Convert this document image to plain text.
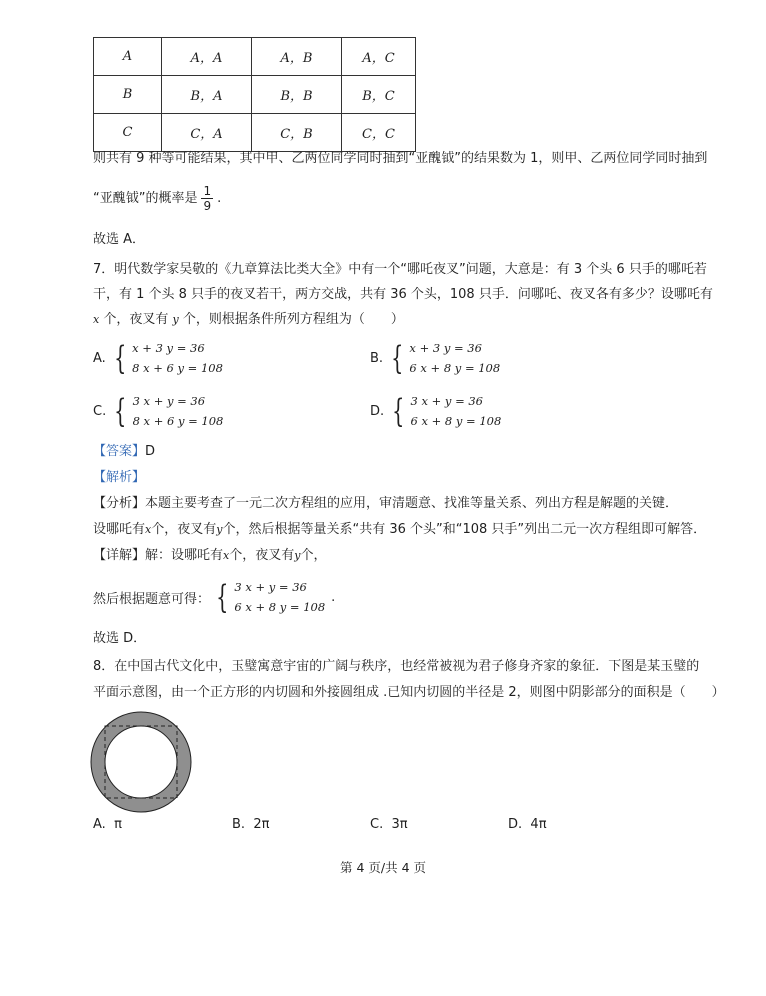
A	A，A	A，B	A，C
B	B，A	B，B	B，C
C	C，A	C，B	C，C
则共有 9 种等可能结果，其中甲、乙两位同学同时抽到“亚醜钺”的结果数为 1，则甲、乙两位同学同时抽到
“亚醜钺”的概率是 $\frac{1}{9}$ .
故选 A．
7．明代数学家吴敬的《九章算法比类大全》中有一个“哪吒夜叉”问题，大意是：有 3 个头 6 只手的哪吒若
干，有 1 个头 8 只手的夜叉若干，两方交战，共有 36 个头，108 只手．问哪吒、夜叉各有多少？设哪吒有
x 个，夜叉有 y 个，则根据条件所列方程组为（　　）
A. { x + 3 y = 36
8 x + 6 y = 108
B. { x + 3 y = 36
6 x + 8 y = 108
C. { 3 x + y = 36
8 x + 6 y = 108
D. { 3 x + y = 36
6 x + 8 y = 108
【答案】D
【解析】
【分析】本题主要考查了一元二次方程组的应用，审清题意、找准等量关系、列出方程是解题的关键．
设哪吒有x个，夜叉有y个，然后根据等量关系“共有 36 个头”和“108 只手”列出二元一次方程组即可解答．
【详解】解：设哪吒有x个，夜叉有y个，
然后根据题意可得： { 3 x + y = 36
6 x + 8 y = 108
.
故选 D．
8．在中国古代文化中，玉璧寓意宇宙的广阔与秩序，也经常被视为君子修身齐家的象征．下图是某玉璧的
平面示意图，由一个正方形的内切圆和外接圆组成 .已知内切圆的半径是 2，则图中阴影部分的面积是（　　）
A. π	B. 2π	C. 3π	D. 4π
第 4 页/共 4 页
